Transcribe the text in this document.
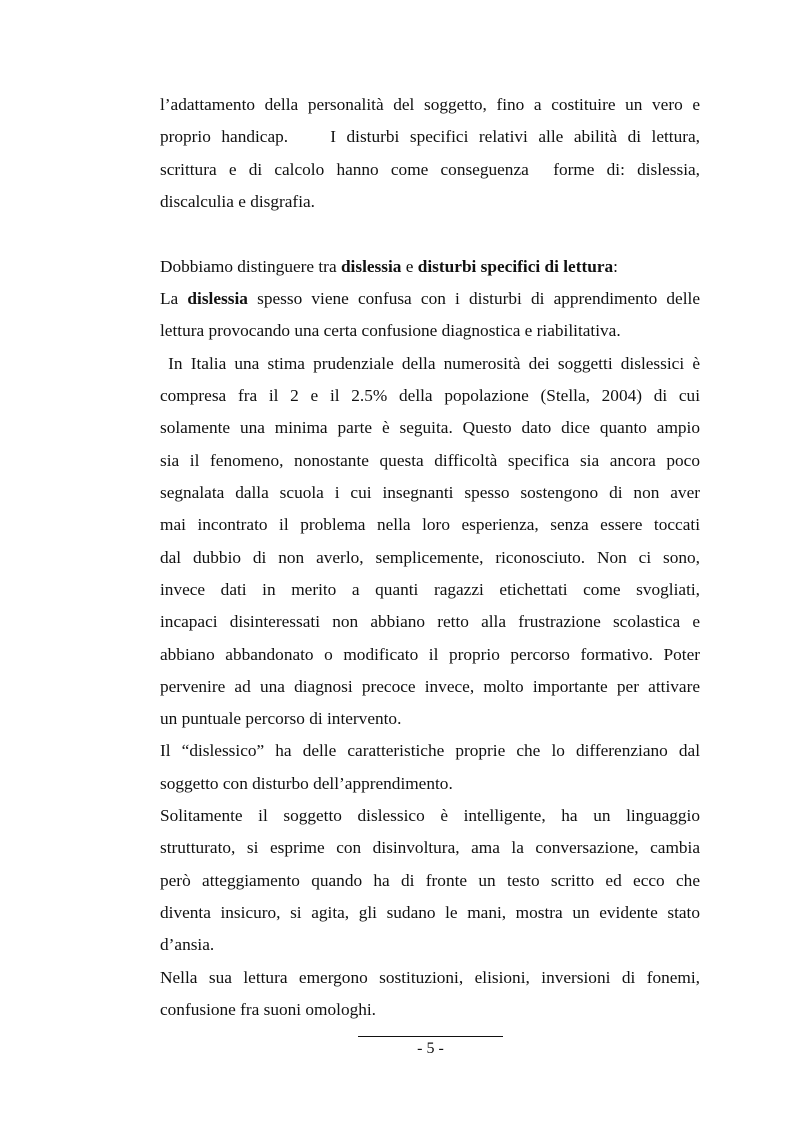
l’adattamento della personalità del soggetto, fino a costituire un vero e
proprio handicap.    I disturbi specifici relativi alle abilità di lettura,
scrittura e di calcolo hanno come conseguenza  forme di: dislessia,
discalculia e disgrafia.
Dobbiamo distinguere tra dislessia e disturbi specifici di lettura:
La dislessia spesso viene confusa con i disturbi di apprendimento delle
lettura provocando una certa confusione diagnostica e riabilitativa.
In Italia una stima prudenziale della numerosità dei soggetti dislessici è
compresa fra il 2 e il 2.5% della popolazione (Stella, 2004) di cui
solamente una minima parte è seguita. Questo dato dice quanto ampio
sia il fenomeno, nonostante questa difficoltà specifica sia ancora poco
segnalata dalla scuola i cui insegnanti spesso sostengono di non aver
mai incontrato il problema nella loro esperienza, senza essere toccati
dal dubbio di non averlo, semplicemente, riconosciuto. Non ci sono,
invece dati in merito a quanti ragazzi etichettati come svogliati,
incapaci disinteressati non abbiano retto alla frustrazione scolastica e
abbiano abbandonato o modificato il proprio percorso formativo. Poter
pervenire ad una diagnosi precoce invece, molto importante per attivare
un puntuale percorso di intervento.
Il “dislessico” ha delle caratteristiche proprie che lo differenziano dal
soggetto con disturbo dell’apprendimento.
Solitamente il soggetto dislessico è intelligente, ha un linguaggio
strutturato, si esprime con disinvoltura, ama la conversazione, cambia
però atteggiamento quando ha di fronte un testo scritto ed ecco che
diventa insicuro, si agita, gli sudano le mani, mostra un evidente stato
d’ansia.
Nella sua lettura emergono sostituzioni, elisioni, inversioni di fonemi,
confusione fra suoni omologhi.
- 5 -
